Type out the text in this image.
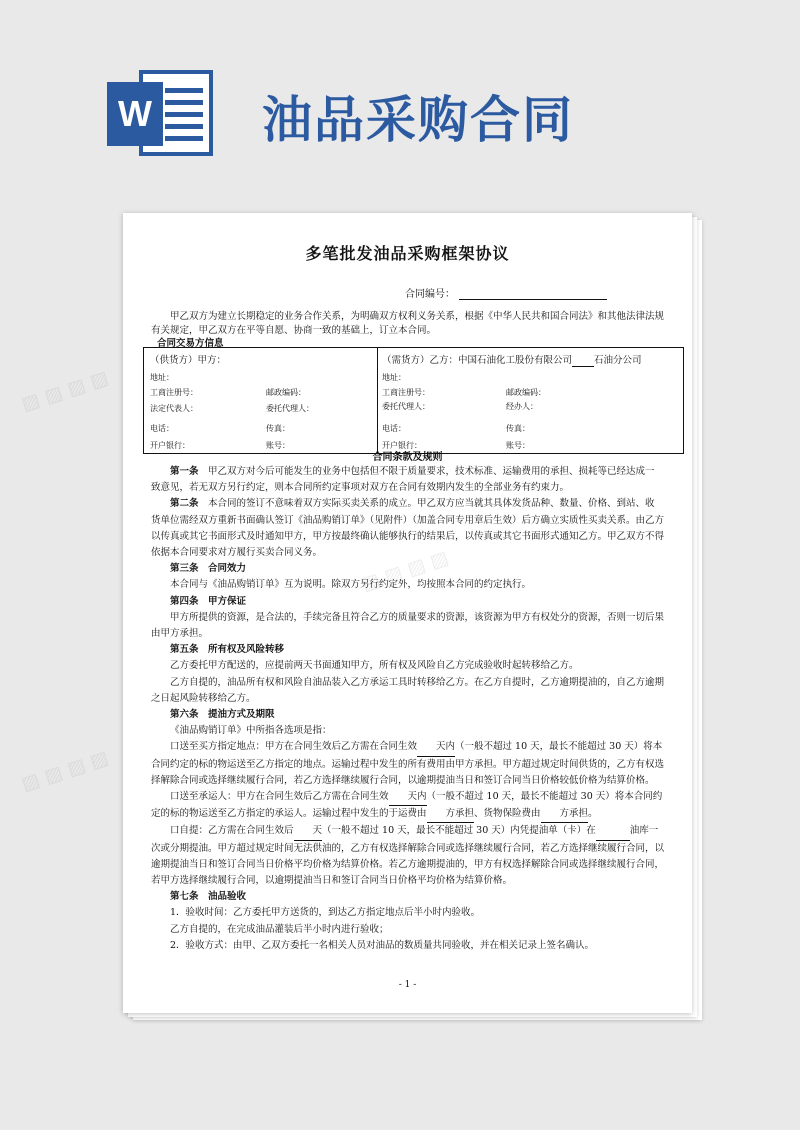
W 油品采购合同
多笔批发油品采购框架协议
合同编号：
甲乙双方为建立长期稳定的业务合作关系，为明确双方权利义务关系，根据《中华人民共和国合同法》和其他法律法规有关规定，甲乙双方在平等自愿、协商一致的基础上，订立本合同。
合同交易方信息
（供货方）甲方：
地址：
工商注册号：	邮政编码：
法定代表人：	委托代理人：
电话：	传真：
开户银行：	账号：
（需货方）乙方：中国石油化工股份有限公司 石油分公司
地址：
工商注册号：	邮政编码：
委托代理人：	经办人：
电话：	传真：
开户银行：	账号：
合同条款及规则

第一条　 甲乙双方对今后可能发生的业务中包括但不限于质量要求，技术标准、运输费用的承担、损耗等已经达成一致意见，若无双方另行约定，则本合同所约定事项对双方在合同有效期内发生的全部业务有约束力。

第二条　 本合同的签订不意味着双方实际买卖关系的成立。甲乙双方应当就其具体发货品种、数量、价格、到站、收货单位需经双方重新书面确认签订《油品购销订单》（见附件）（加盖合同专用章后生效）后方确立实质性买卖关系。由乙方以传真或其它书面形式及时通知甲方，甲方按最终确认能够执行的结果后，以传真或其它书面形式通知乙方。甲乙双方不得依据本合同要求对方履行买卖合同义务。

第三条　合同效力

本合同与《油品购销订单》互为说明。除双方另行约定外，均按照本合同的约定执行。

第四条　甲方保证

甲方所提供的资源，是合法的，手续完备且符合乙方的质量要求的资源，该资源为甲方有权处分的资源，否则一切后果由甲方承担。

第五条　所有权及风险转移

乙方委托甲方配送的，应提前两天书面通知甲方，所有权及风险自乙方完成验收时起转移给乙方。

乙方自提的，油品所有权和风险自油品装入乙方承运工具时转移给乙方。在乙方自提时，乙方逾期提油的，自乙方逾期之日起风险转移给乙方。

第六条　提油方式及期限

《油品购销订单》中所指各选项是指：

口送至买方指定地点：甲方在合同生效后乙方需在合同生效 天内（一般不超过 10 天，最长不能超过 30 天）将本合同约定的标的物运送至乙方指定的地点。运输过程中发生的所有费用由甲方承担。甲方超过规定时间供货的，乙方有权选择解除合同或选择继续履行合同，若乙方选择继续履行合同，以逾期提油当日和签订合同当日价格较低价格为结算价格。

口送至承运人：甲方在合同生效后乙方需在合同生效 天内（一般不超过 10 天，最长不能超过 30 天）将本合同约定的标的物运送至乙方指定的承运人。运输过程中发生的于运费由 方承担、货物保险费由 方承担。

口自提：乙方需在合同生效后 天（一般不超过 10 天，最长不能超过 30 天）内凭提油单（卡）在	油库一次或分期提油。甲方超过规定时间无法供油的，乙方有权选择解除合同或选择继续履行合同，若乙方选择继续履行合同，以逾期提油当日和签订合同当日价格平均价格为结算价格。若乙方逾期提油的，甲方有权选择解除合同或选择继续履行合同，若甲方选择继续履行合同，以逾期提油当日和签订合同当日价格平均价格为结算价格。

第七条　油品验收

1．验收时间：乙方委托甲方送货的，到达乙方指定地点后半小时内验收。

乙方自提的，在完成油品灌装后半小时内进行验收；

2．验收方式：由甲、乙双方委托一名相关人员对油品的数质量共同验收，并在相关记录上签名确认。

- 1 -
▨ ▨ ▨ ▨
▨ ▨ ▨ ▨
